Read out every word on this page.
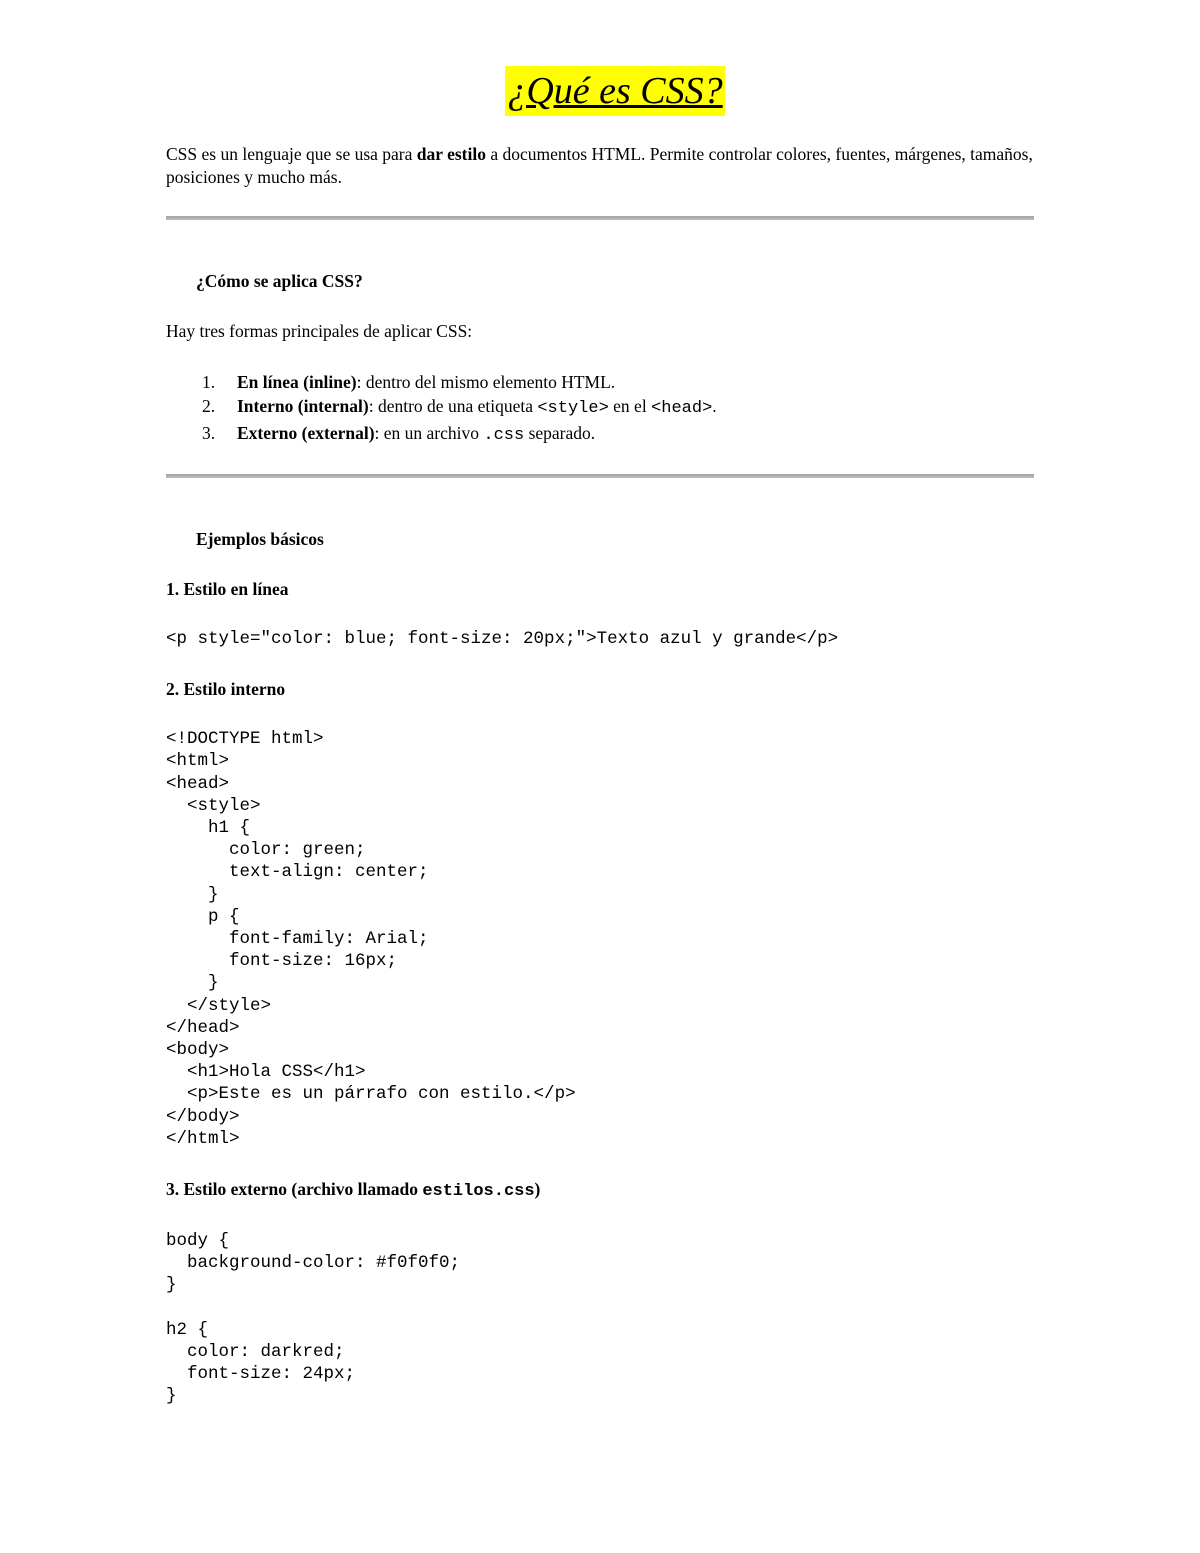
¿Qué es CSS?

CSS es un lenguaje que se usa para dar estilo a documentos HTML. Permite controlar colores, fuentes, márgenes, tamaños, posiciones y mucho más.

¿Cómo se aplica CSS?

Hay tres formas principales de aplicar CSS:

1. En línea (inline): dentro del mismo elemento HTML.
2. Interno (internal): dentro de una etiqueta <style> en el <head>.
3. Externo (external): en un archivo .css separado.
Ejemplos básicos
1. Estilo en línea
<p style="color: blue; font-size: 20px;">Texto azul y grande</p>
2. Estilo interno
<!DOCTYPE html>
<html>
<head>
<style>
h1 {
color: green;
text-align: center;
}
p {
font-family: Arial;
font-size: 16px;
}
</style>
</head>
<body>
<h1>Hola CSS</h1>
<p>Este es un párrafo con estilo.</p>
</body>
</html>
3. Estilo externo (archivo llamado estilos.css)
body {
background-color: #f0f0f0;
}
h2 {
color: darkred;
font-size: 24px;
}
